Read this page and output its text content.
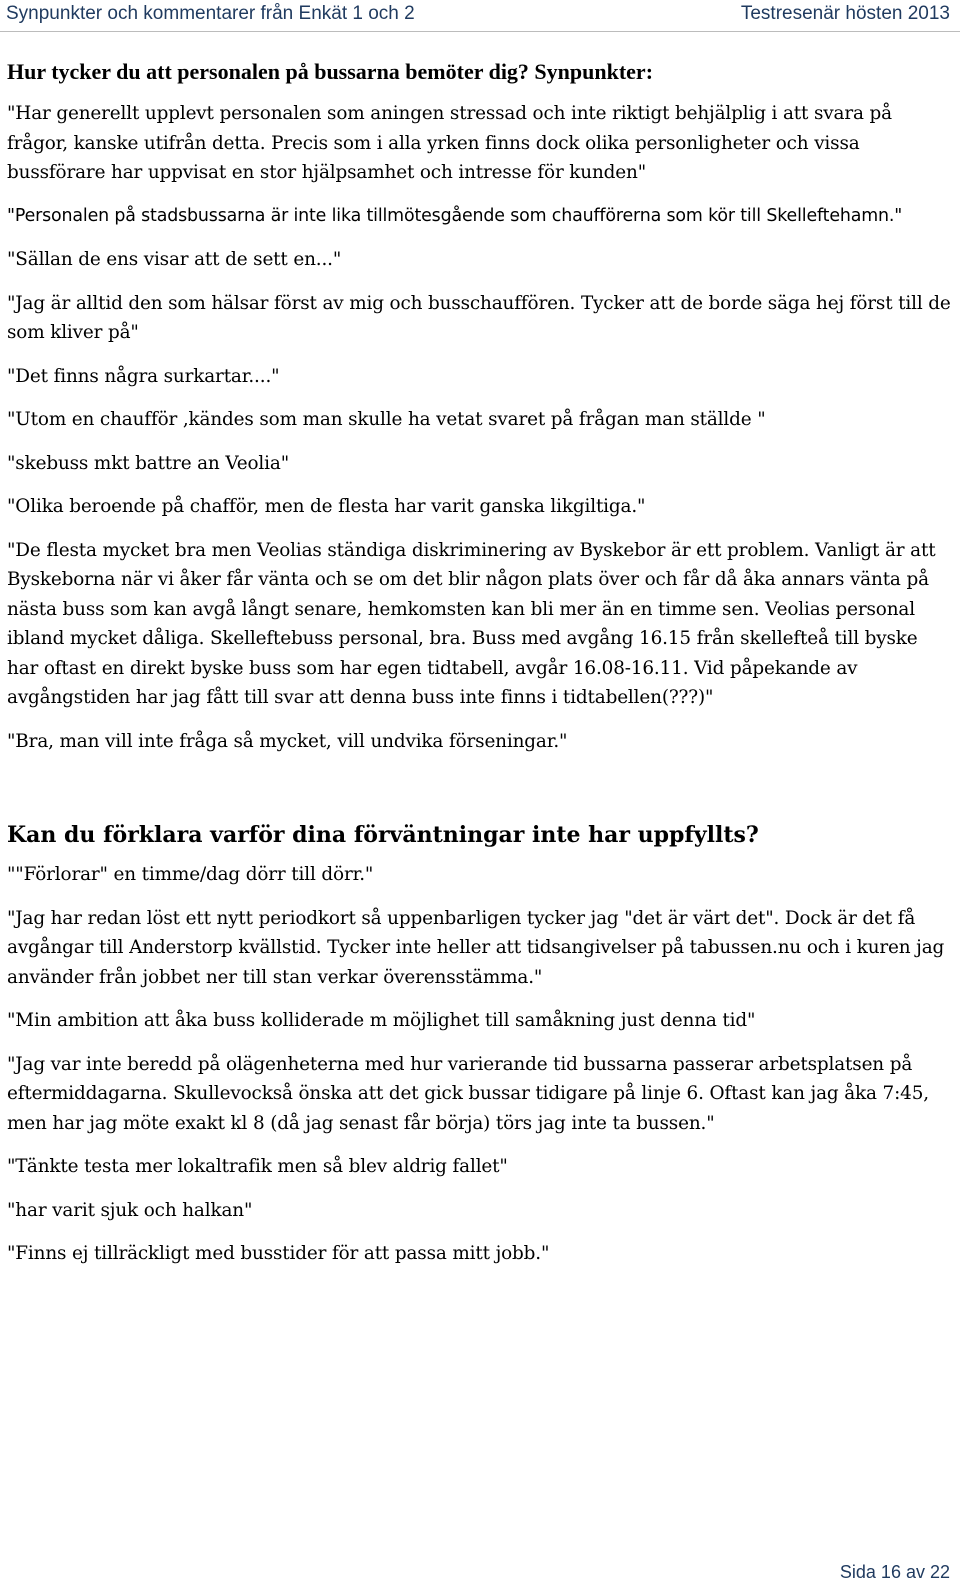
Synpunkter och kommentarer från Enkät 1 och 2	Testresenär hösten 2013
Hur tycker du att personalen på bussarna bemöter dig? Synpunkter:

"Har generellt upplevt personalen som aningen stressad och inte riktigt behjälplig i att svara på frågor, kanske utifrån detta. Precis som i alla yrken finns dock olika personligheter och vissa bussförare har uppvisat en stor hjälpsamhet och intresse för kunden"

"Personalen på stadsbussarna är inte lika tillmötesgående som chaufförerna som kör till Skelleftehamn."

"Sällan de ens visar att de sett en..."

"Jag är alltid den som hälsar först av mig och busschauffören. Tycker att de borde säga hej först till de som kliver på"

"Det finns några surkartar...."

"Utom en chaufför ,kändes som man skulle ha vetat svaret på frågan man ställde "

"skebuss mkt battre an Veolia"

"Olika beroende på chafför, men de flesta har varit ganska likgiltiga."

"De flesta mycket bra men Veolias ständiga diskriminering av Byskebor är ett problem. Vanligt är att Byskeborna när vi åker får vänta och se om det blir någon plats över och får då åka annars vänta på nästa buss som kan avgå långt senare, hemkomsten kan bli mer än en timme sen. Veolias personal ibland mycket dåliga. Skelleftebuss personal, bra. Buss med avgång 16.15 från skellefteå till byske har oftast en direkt byske buss som har egen tidtabell, avgår 16.08-16.11. Vid påpekande av avgångstiden har jag fått till svar att denna buss inte finns i tidtabellen(???)"

"Bra, man vill inte fråga så mycket, vill undvika förseningar."

Kan du förklara varför dina förväntningar inte har uppfyllts?

""Förlorar" en timme/dag dörr till dörr."

"Jag har redan löst ett nytt periodkort så uppenbarligen tycker jag "det är värt det". Dock är det få avgångar till Anderstorp kvällstid. Tycker inte heller att tidsangivelser på tabussen.nu och i kuren jag använder från jobbet ner till stan verkar överensstämma."

"Min ambition att åka buss kolliderade m möjlighet till samåkning just denna tid"

"Jag var inte beredd på olägenheterna med hur varierande tid bussarna passerar arbetsplatsen på eftermiddagarna. Skullevockså önska att det gick bussar tidigare på linje 6. Oftast kan jag åka 7:45, men har jag möte exakt kl 8 (då jag senast får börja) törs jag inte ta bussen."

"Tänkte testa mer lokaltrafik men så blev aldrig fallet"

"har varit sjuk och halkan"

"Finns ej tillräckligt med busstider för att passa mitt jobb."

Sida 16 av 22
